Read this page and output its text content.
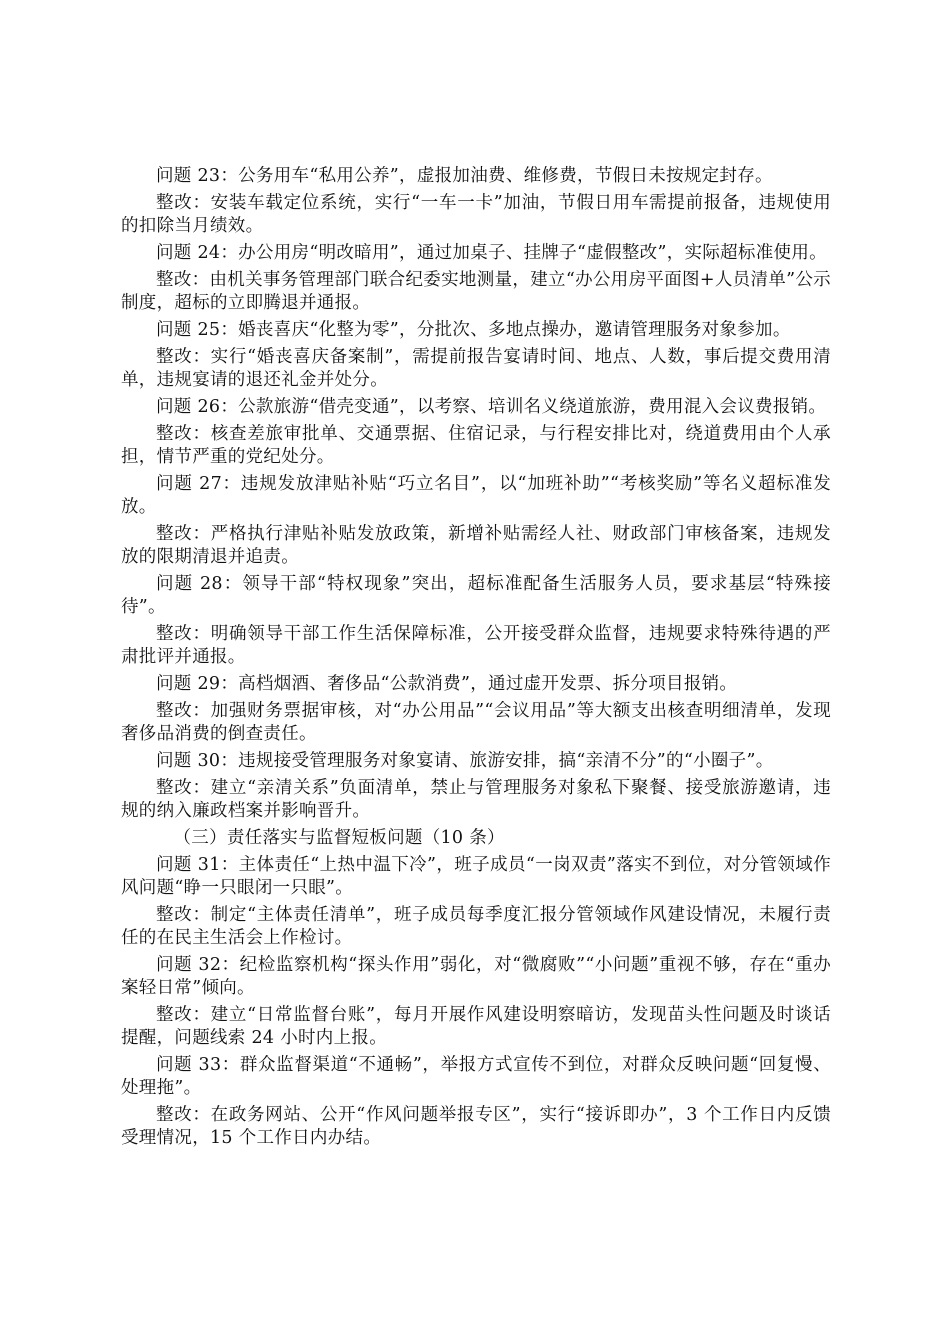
问题 23：公务用车“私用公养”，虚报加油费、维修费，节假日未按规定封存。

整改：安装车载定位系统，实行“一车一卡”加油，节假日用车需提前报备，违规使用的扣除当月绩效。

问题 24：办公用房“明改暗用”，通过加桌子、挂牌子“虚假整改”，实际超标准使用。

整改：由机关事务管理部门联合纪委实地测量，建立“办公用房平面图+人员清单”公示制度，超标的立即腾退并通报。

问题 25：婚丧喜庆“化整为零”，分批次、多地点操办，邀请管理服务对象参加。

整改：实行“婚丧喜庆备案制”，需提前报告宴请时间、地点、人数，事后提交费用清单，违规宴请的退还礼金并处分。

问题 26：公款旅游“借壳变通”，以考察、培训名义绕道旅游，费用混入会议费报销。

整改：核查差旅审批单、交通票据、住宿记录，与行程安排比对，绕道费用由个人承担，情节严重的党纪处分。

问题 27：违规发放津贴补贴“巧立名目”，以“加班补助”“考核奖励”等名义超标准发放。

整改：严格执行津贴补贴发放政策，新增补贴需经人社、财政部门审核备案，违规发放的限期清退并追责。

问题 28：领导干部“特权现象”突出，超标准配备生活服务人员，要求基层“特殊接待”。

整改：明确领导干部工作生活保障标准，公开接受群众监督，违规要求特殊待遇的严肃批评并通报。

问题 29：高档烟酒、奢侈品“公款消费”，通过虚开发票、拆分项目报销。

整改：加强财务票据审核，对“办公用品”“会议用品”等大额支出核查明细清单，发现奢侈品消费的倒查责任。

问题 30：违规接受管理服务对象宴请、旅游安排，搞“亲清不分”的“小圈子”。

整改：建立“亲清关系”负面清单，禁止与管理服务对象私下聚餐、接受旅游邀请，违规的纳入廉政档案并影响晋升。

（三）责任落实与监督短板问题（10 条）

问题 31：主体责任“上热中温下冷”，班子成员“一岗双责”落实不到位，对分管领域作风问题“睁一只眼闭一只眼”。

整改：制定“主体责任清单”，班子成员每季度汇报分管领域作风建设情况，未履行责任的在民主生活会上作检讨。

问题 32：纪检监察机构“探头作用”弱化，对“微腐败”“小问题”重视不够，存在“重办案轻日常”倾向。

整改：建立“日常监督台账”，每月开展作风建设明察暗访，发现苗头性问题及时谈话提醒，问题线索 24 小时内上报。

问题 33：群众监督渠道“不通畅”，举报方式宣传不到位，对群众反映问题“回复慢、处理拖”。

整改：在政务网站、公开“作风问题举报专区”，实行“接诉即办”，3 个工作日内反馈受理情况，15 个工作日内办结。
